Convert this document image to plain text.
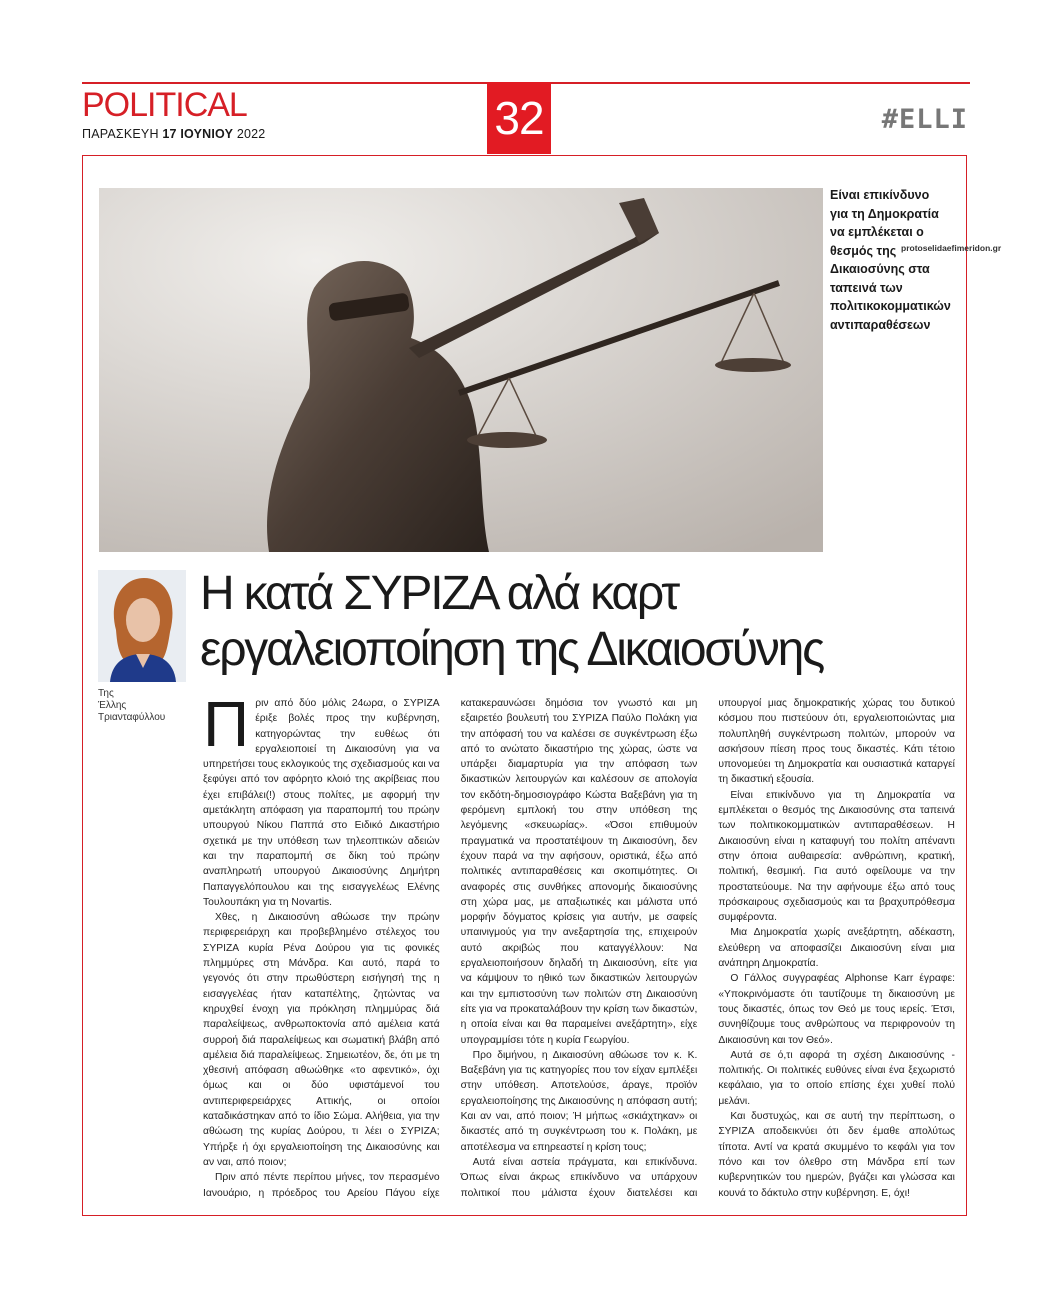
POLITICAL
ΠΑΡΑΣΚΕΥΗ 17 ΙΟΥΝΙΟΥ 2022	32	#ELLI
Είναι επικίνδυνο για τη Δημοκρατία να εμπλέκεται ο θεσμός της Δικαιοσύνης στα ταπεινά των πολιτικοκομματικών αντιπαραθέσεων
protoselidaefimeridon.gr
Της
Έλλης
Τριανταφύλλου
Η κατά ΣΥΡΙΖΑ αλά καρτ
εργαλειοποίηση της Δικαιοσύνης

Πριν από δύο μόλις 24ωρα, ο ΣΥΡΙΖΑ έριξε βολές προς την κυβέρνηση, κατηγορώντας την ευθέως ότι εργαλειοποιεί τη Δικαιοσύνη για να υπηρετήσει τους εκλογικούς της σχεδιασμούς και να ξεφύγει από τον αφόρητο κλοιό της ακρίβειας που έχει επιβάλει(!) στους πολίτες, με αφορμή την αμετάκλητη απόφαση για παραπομπή του πρώην υπουργού Νίκου Παππά στο Ειδικό Δικαστήριο σχετικά με την υπόθεση των τηλεοπτικών αδειών και την παραπομπή σε δίκη τού πρώην αναπληρωτή υπουργού Δικαιοσύνης Δημήτρη Παπαγγελόπουλου και της εισαγγελέως Ελένης Τουλουπάκη για τη Novartis.

Χθες, η Δικαιοσύνη αθώωσε την πρώην περιφερειάρχη και προβεβλημένο στέλεχος του ΣΥΡΙΖΑ κυρία Ρένα Δούρου για τις φονικές πλημμύρες στη Μάνδρα. Και αυτό, παρά το γεγονός ότι στην πρωθύστερη εισήγησή της η εισαγγελέας ήταν καταπέλτης, ζητώντας να κηρυχθεί ένοχη για πρόκληση πλημμύρας διά παραλείψεως, ανθρωποκτονία από αμέλεια κατά συρροή διά παραλείψεως και σωματική βλάβη από αμέλεια διά παραλείψεως. Σημειωτέον, δε, ότι με τη χθεσινή απόφαση αθωώθηκε «το αφεντικό», όχι όμως και οι δύο υφιστάμενοί του αντιπεριφερειάρχες Αττικής, οι οποίοι καταδικάστηκαν από το ίδιο Σώμα. Αλήθεια, για την αθώωση της κυρίας Δούρου, τι λέει ο ΣΥΡΙΖΑ; Υπήρξε ή όχι εργαλειοποίηση της Δικαιοσύνης και αν ναι, από ποιον;

Πριν από πέντε περίπου μήνες, τον περασμένο Ιανουάριο, η πρόεδρος του Αρείου Πάγου είχε κατακεραυνώσει δημόσια τον γνωστό και μη εξαιρετέο βουλευτή του ΣΥΡΙΖΑ Παύλο Πολάκη για την απόφασή του να καλέσει σε συγκέντρωση έξω από το ανώτατο δικαστήριο της χώρας, ώστε να υπάρξει διαμαρτυρία για την απόφαση των δικαστικών λειτουργών και καλέσουν σε απολογία τον εκδότη-δημοσιογράφο Κώστα Βαξεβάνη για τη φερόμενη εμπλοκή του στην υπόθεση της λεγόμενης «σκευωρίας». «Όσοι επιθυμούν πραγματικά να προστατέψουν τη Δικαιοσύνη, δεν έχουν παρά να την αφήσουν, οριστικά, έξω από πολιτικές αντιπαραθέσεις και σκοπιμότητες. Οι αναφορές στις συνθήκες απονομής δικαιοσύνης στη χώρα μας, με απαξιωτικές και μάλιστα υπό μορφήν δόγματος κρίσεις για αυτήν, με σαφείς υπαινιγμούς για την ανεξαρτησία της, επιχειρούν αυτό ακριβώς που καταγγέλλουν: Να εργαλειοποιήσουν δηλαδή τη Δικαιοσύνη, είτε για να κάμψουν το ηθικό των δικαστικών λειτουργών και την εμπιστοσύνη των πολιτών στη Δικαιοσύνη είτε για να προκαταλάβουν την κρίση των δικαστών, η οποία είναι και θα παραμείνει ανεξάρτητη», είχε υπογραμμίσει τότε η κυρία Γεωργίου.

Προ διμήνου, η Δικαιοσύνη αθώωσε τον κ. Κ. Βαξεβάνη για τις κατηγορίες που τον είχαν εμπλέξει στην υπόθεση. Αποτελούσε, άραγε, προϊόν εργαλειοποίησης της Δικαιοσύνης η απόφαση αυτή; Και αν ναι, από ποιον; Ή μήπως «σκιάχτηκαν» οι δικαστές από τη συγκέντρωση του κ. Πολάκη, με αποτέλεσμα να επηρεαστεί η κρίση τους;

Αυτά είναι αστεία πράγματα, και επικίνδυνα. Όπως είναι άκρως επικίνδυνο να υπάρχουν πολιτικοί που μάλιστα έχουν διατελέσει και υπουργοί μιας δημοκρατικής χώρας του δυτικού κόσμου που πιστεύουν ότι, εργαλειοποιώντας μια πολυπληθή συγκέντρωση πολιτών, μπορούν να ασκήσουν πίεση προς τους δικαστές. Κάτι τέτοιο υπονομεύει τη Δημοκρατία και ουσιαστικά καταργεί τη δικαστική εξουσία.

Είναι επικίνδυνο για τη Δημοκρατία να εμπλέκεται ο θεσμός της Δικαιοσύνης στα ταπεινά των πολιτικοκομματικών αντιπαραθέσεων. Η Δικαιοσύνη είναι η καταφυγή του πολίτη απέναντι στην όποια αυθαιρεσία: ανθρώπινη, κρατική, πολιτική, θεσμική. Για αυτό οφείλουμε να την προστατεύουμε. Να την αφήνουμε έξω από τους πρόσκαιρους σχεδιασμούς και τα βραχυπρόθεσμα συμφέροντα.

Μια Δημοκρατία χωρίς ανεξάρτητη, αδέκαστη, ελεύθερη να αποφασίζει Δικαιοσύνη είναι μια ανάπηρη Δημοκρατία.

Ο Γάλλος συγγραφέας Alphonse Karr έγραφε: «Υποκρινόμαστε ότι ταυτίζουμε τη δικαιοσύνη με τους δικαστές, όπως τον Θεό με τους ιερείς. Έτσι, συνηθίζουμε τους ανθρώπους να περιφρονούν τη Δικαιοσύνη και τον Θεό».

Αυτά σε ό,τι αφορά τη σχέση Δικαιοσύνης - πολιτικής. Οι πολιτικές ευθύνες είναι ένα ξεχωριστό κεφάλαιο, για το οποίο επίσης έχει χυθεί πολύ μελάνι.

Και δυστυχώς, και σε αυτή την περίπτωση, ο ΣΥΡΙΖΑ αποδεικνύει ότι δεν έμαθε απολύτως τίποτα. Αντί να κρατά σκυμμένο το κεφάλι για τον πόνο και τον όλεθρο στη Μάνδρα επί των κυβερνητικών του ημερών, βγάζει και γλώσσα και κουνά το δάκτυλο στην κυβέρνηση. Ε, όχι!
